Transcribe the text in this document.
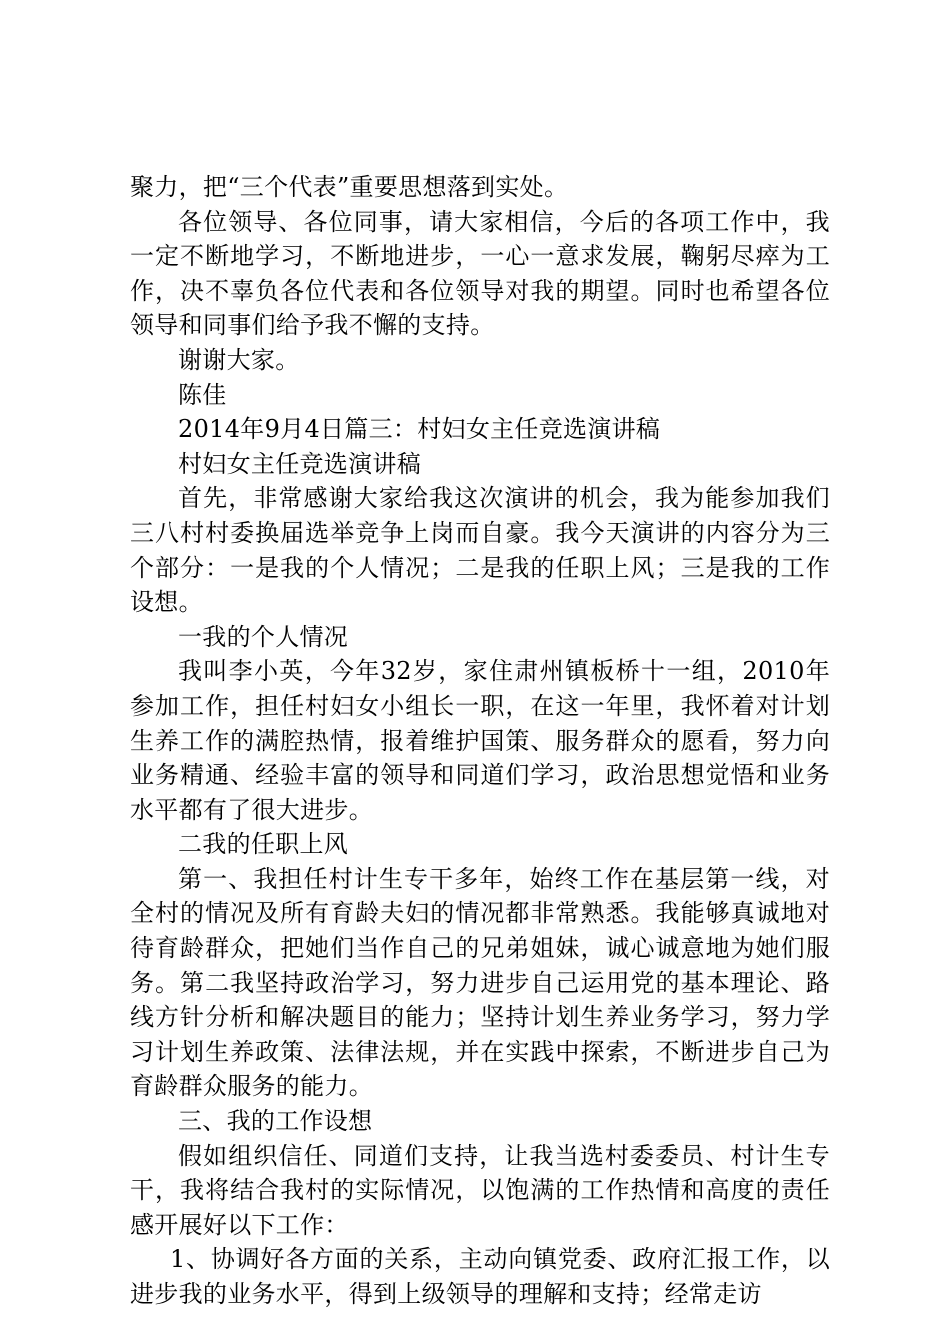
聚力，把“三个代表”重要思想落到实处。

各位领导、各位同事，请大家相信，今后的各项工作中，我一定不断地学习，不断地进步，一心一意求发展，鞠躬尽瘁为工作，决不辜负各位代表和各位领导对我的期望。同时也希望各位领导和同事们给予我不懈的支持。

谢谢大家。

陈佳

2014年9月4日篇三：村妇女主任竞选演讲稿

村妇女主任竞选演讲稿

首先，非常感谢大家给我这次演讲的机会，我为能参加我们三八村村委换届选举竞争上岗而自豪。我今天演讲的内容分为三个部分：一是我的个人情况；二是我的任职上风；三是我的工作设想。

一我的个人情况

我叫李小英，今年32岁，家住肃州镇板桥十一组，2010年参加工作，担任村妇女小组长一职，在这一年里，我怀着对计划生养工作的满腔热情，报着维护国策、服务群众的愿看，努力向业务精通、经验丰富的领导和同道们学习，政治思想觉悟和业务水平都有了很大进步。

二我的任职上风

第一、我担任村计生专干多年，始终工作在基层第一线，对全村的情况及所有育龄夫妇的情况都非常熟悉。我能够真诚地对待育龄群众，把她们当作自己的兄弟姐妹，诚心诚意地为她们服务。第二我坚持政治学习，努力进步自己运用党的基本理论、路线方针分析和解决题目的能力；坚持计划生养业务学习，努力学习计划生养政策、法律法规，并在实践中探索，不断进步自己为育龄群众服务的能力。

三、我的工作设想

假如组织信任、同道们支持，让我当选村委委员、村计生专干，我将结合我村的实际情况，以饱满的工作热情和高度的责任感开展好以下工作：

1、协调好各方面的关系，主动向镇党委、政府汇报工作，以进步我的业务水平，得到上级领导的理解和支持；经常走访
